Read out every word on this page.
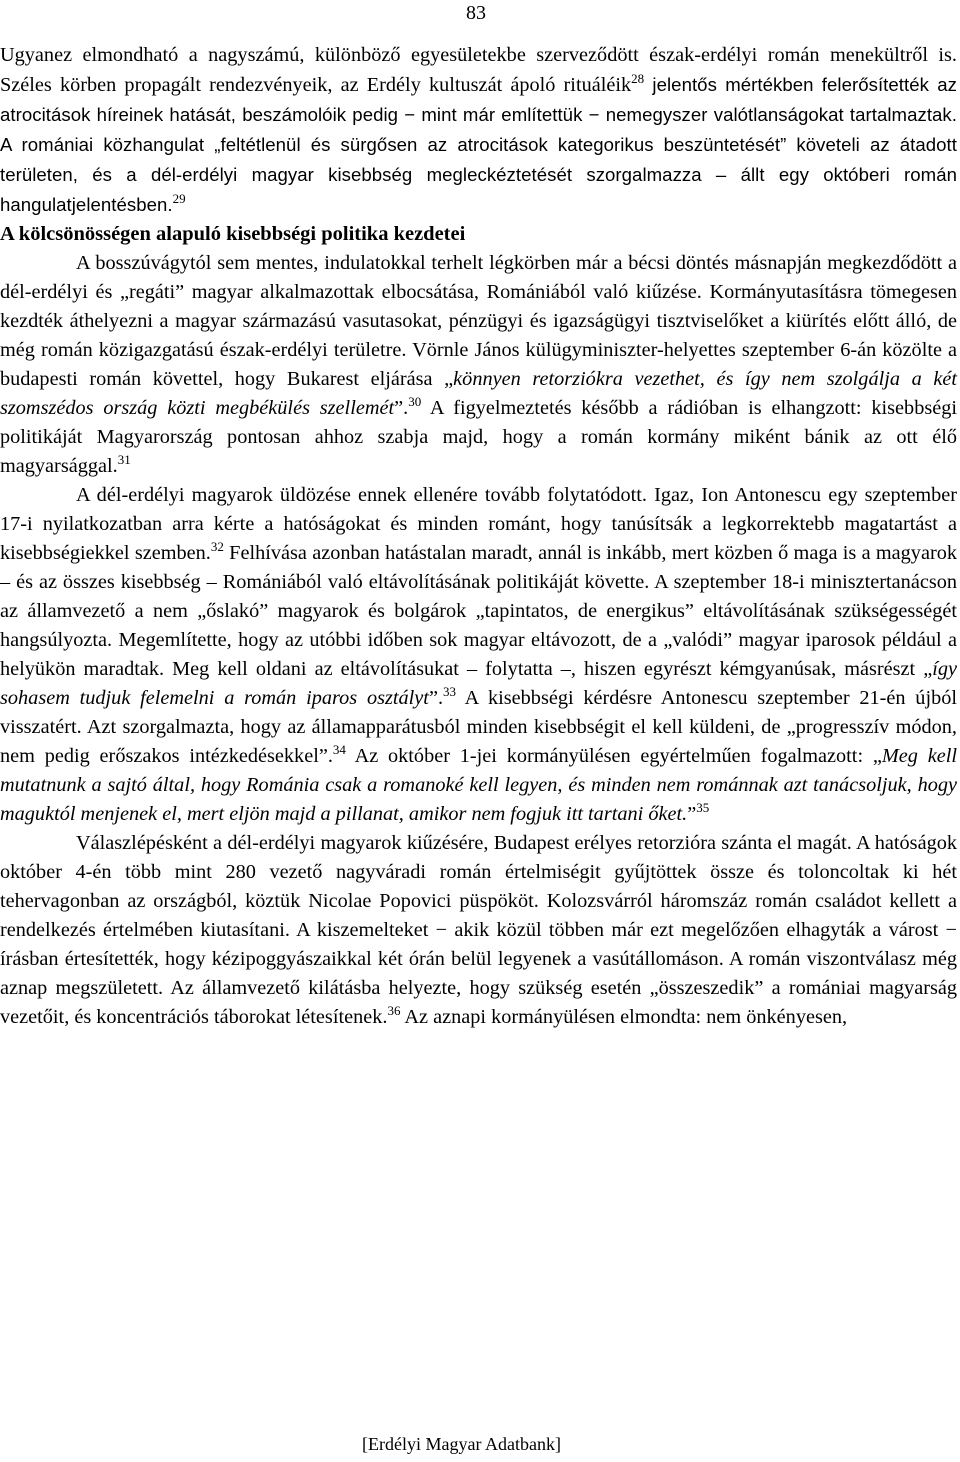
83

Ugyanez elmondható a nagyszámú, különböző egyesületekbe szerveződött észak-erdélyi román menekültről is. Széles körben propagált rendezvényeik, az Erdély kultuszát ápoló rituáléik$^{28}$ jelentős mértékben felerősítették az atrocitások híreinek hatását, beszámolóik pedig − mint már említettük − nemegyszer valótlanságokat tartalmaztak. A romániai közhangulat „feltétlenül és sürgősen az atrocitások kategorikus beszüntetését” követeli az átadott területen, és a dél-erdélyi magyar kisebbség megleckéztetését szorgalmazza – állt egy októberi román hangulatjelentésben.$^{29}$

A kölcsönösségen alapuló kisebbségi politika kezdetei

A bosszúvágytól sem mentes, indulatokkal terhelt légkörben már a bécsi döntés másnapján megkezdődött a dél-erdélyi és „regáti” magyar alkalmazottak elbocsátása, Romániából való kiűzése. Kormányutasításra tömegesen kezdték áthelyezni a magyar származású vasutasokat, pénzügyi és igazságügyi tisztviselőket a kiürítés előtt álló, de még román közigazgatású észak-erdélyi területre. Vörnle János külügyminiszter-helyettes szeptember 6-án közölte a budapesti román követtel, hogy Bukarest eljárása „könnyen retorziókra vezethet, és így nem szolgálja a két szomszédos ország közti megbékülés szellemét”.$^{30}$ A figyelmeztetés később a rádióban is elhangzott: kisebbségi politikáját Magyarország pontosan ahhoz szabja majd, hogy a román kormány miként bánik az ott élő magyarsággal.$^{31}$

A dél-erdélyi magyarok üldözése ennek ellenére tovább folytatódott. Igaz, Ion Antonescu egy szeptember 17-i nyilatkozatban arra kérte a hatóságokat és minden románt, hogy tanúsítsák a legkorrektebb magatartást a kisebbségiekkel szemben.$^{32}$ Felhívása azonban hatástalan maradt, annál is inkább, mert közben ő maga is a magyarok – és az összes kisebbség – Romániából való eltávolításának politikáját követte. A szeptember 18-i minisztertanácson az államvezető a nem „őslakó” magyarok és bolgárok „tapintatos, de energikus” eltávolításának szükségességét hangsúlyozta. Megemlítette, hogy az utóbbi időben sok magyar eltávozott, de a „valódi” magyar iparosok például a helyükön maradtak. Meg kell oldani az eltávolításukat – folytatta –, hiszen egyrészt kémgyanúsak, másrészt „így sohasem tudjuk felemelni a román iparos osztályt”.$^{33}$ A kisebbségi kérdésre Antonescu szeptember 21-én újból visszatért. Azt szorgalmazta, hogy az államapparátusból minden kisebbségit el kell küldeni, de „progresszív módon, nem pedig erőszakos intézkedésekkel”.$^{34}$ Az október 1-jei kormányülésen egyértelműen fogalmazott: „Meg kell mutatnunk a sajtó által, hogy Románia csak a romanoké kell legyen, és minden nem románnak azt tanácsoljuk, hogy maguktól menjenek el, mert eljön majd a pillanat, amikor nem fogjuk itt tartani őket.”$^{35}$

Válaszlépésként a dél-erdélyi magyarok kiűzésére, Budapest erélyes retorzióra szánta el magát. A hatóságok október 4-én több mint 280 vezető nagyváradi román értelmiségit gyűjtöttek össze és toloncoltak ki hét tehervagonban az országból, köztük Nicolae Popovici püspököt. Kolozsvárról háromszáz román családot kellett a rendelkezés értelmében kiutasítani. A kiszemelteket − akik közül többen már ezt megelőzően elhagyták a várost − írásban értesítették, hogy kézipoggyászaikkal két órán belül legyenek a vasútállomáson. A román viszontválasz még aznap megszületett. Az államvezető kilátásba helyezte, hogy szükség esetén „összeszedik” a romániai magyarság vezetőit, és koncentrációs táborokat létesítenek.$^{36}$ Az aznapi kormányülésen elmondta: nem önkényesen,

[Erdélyi Magyar Adatbank]
